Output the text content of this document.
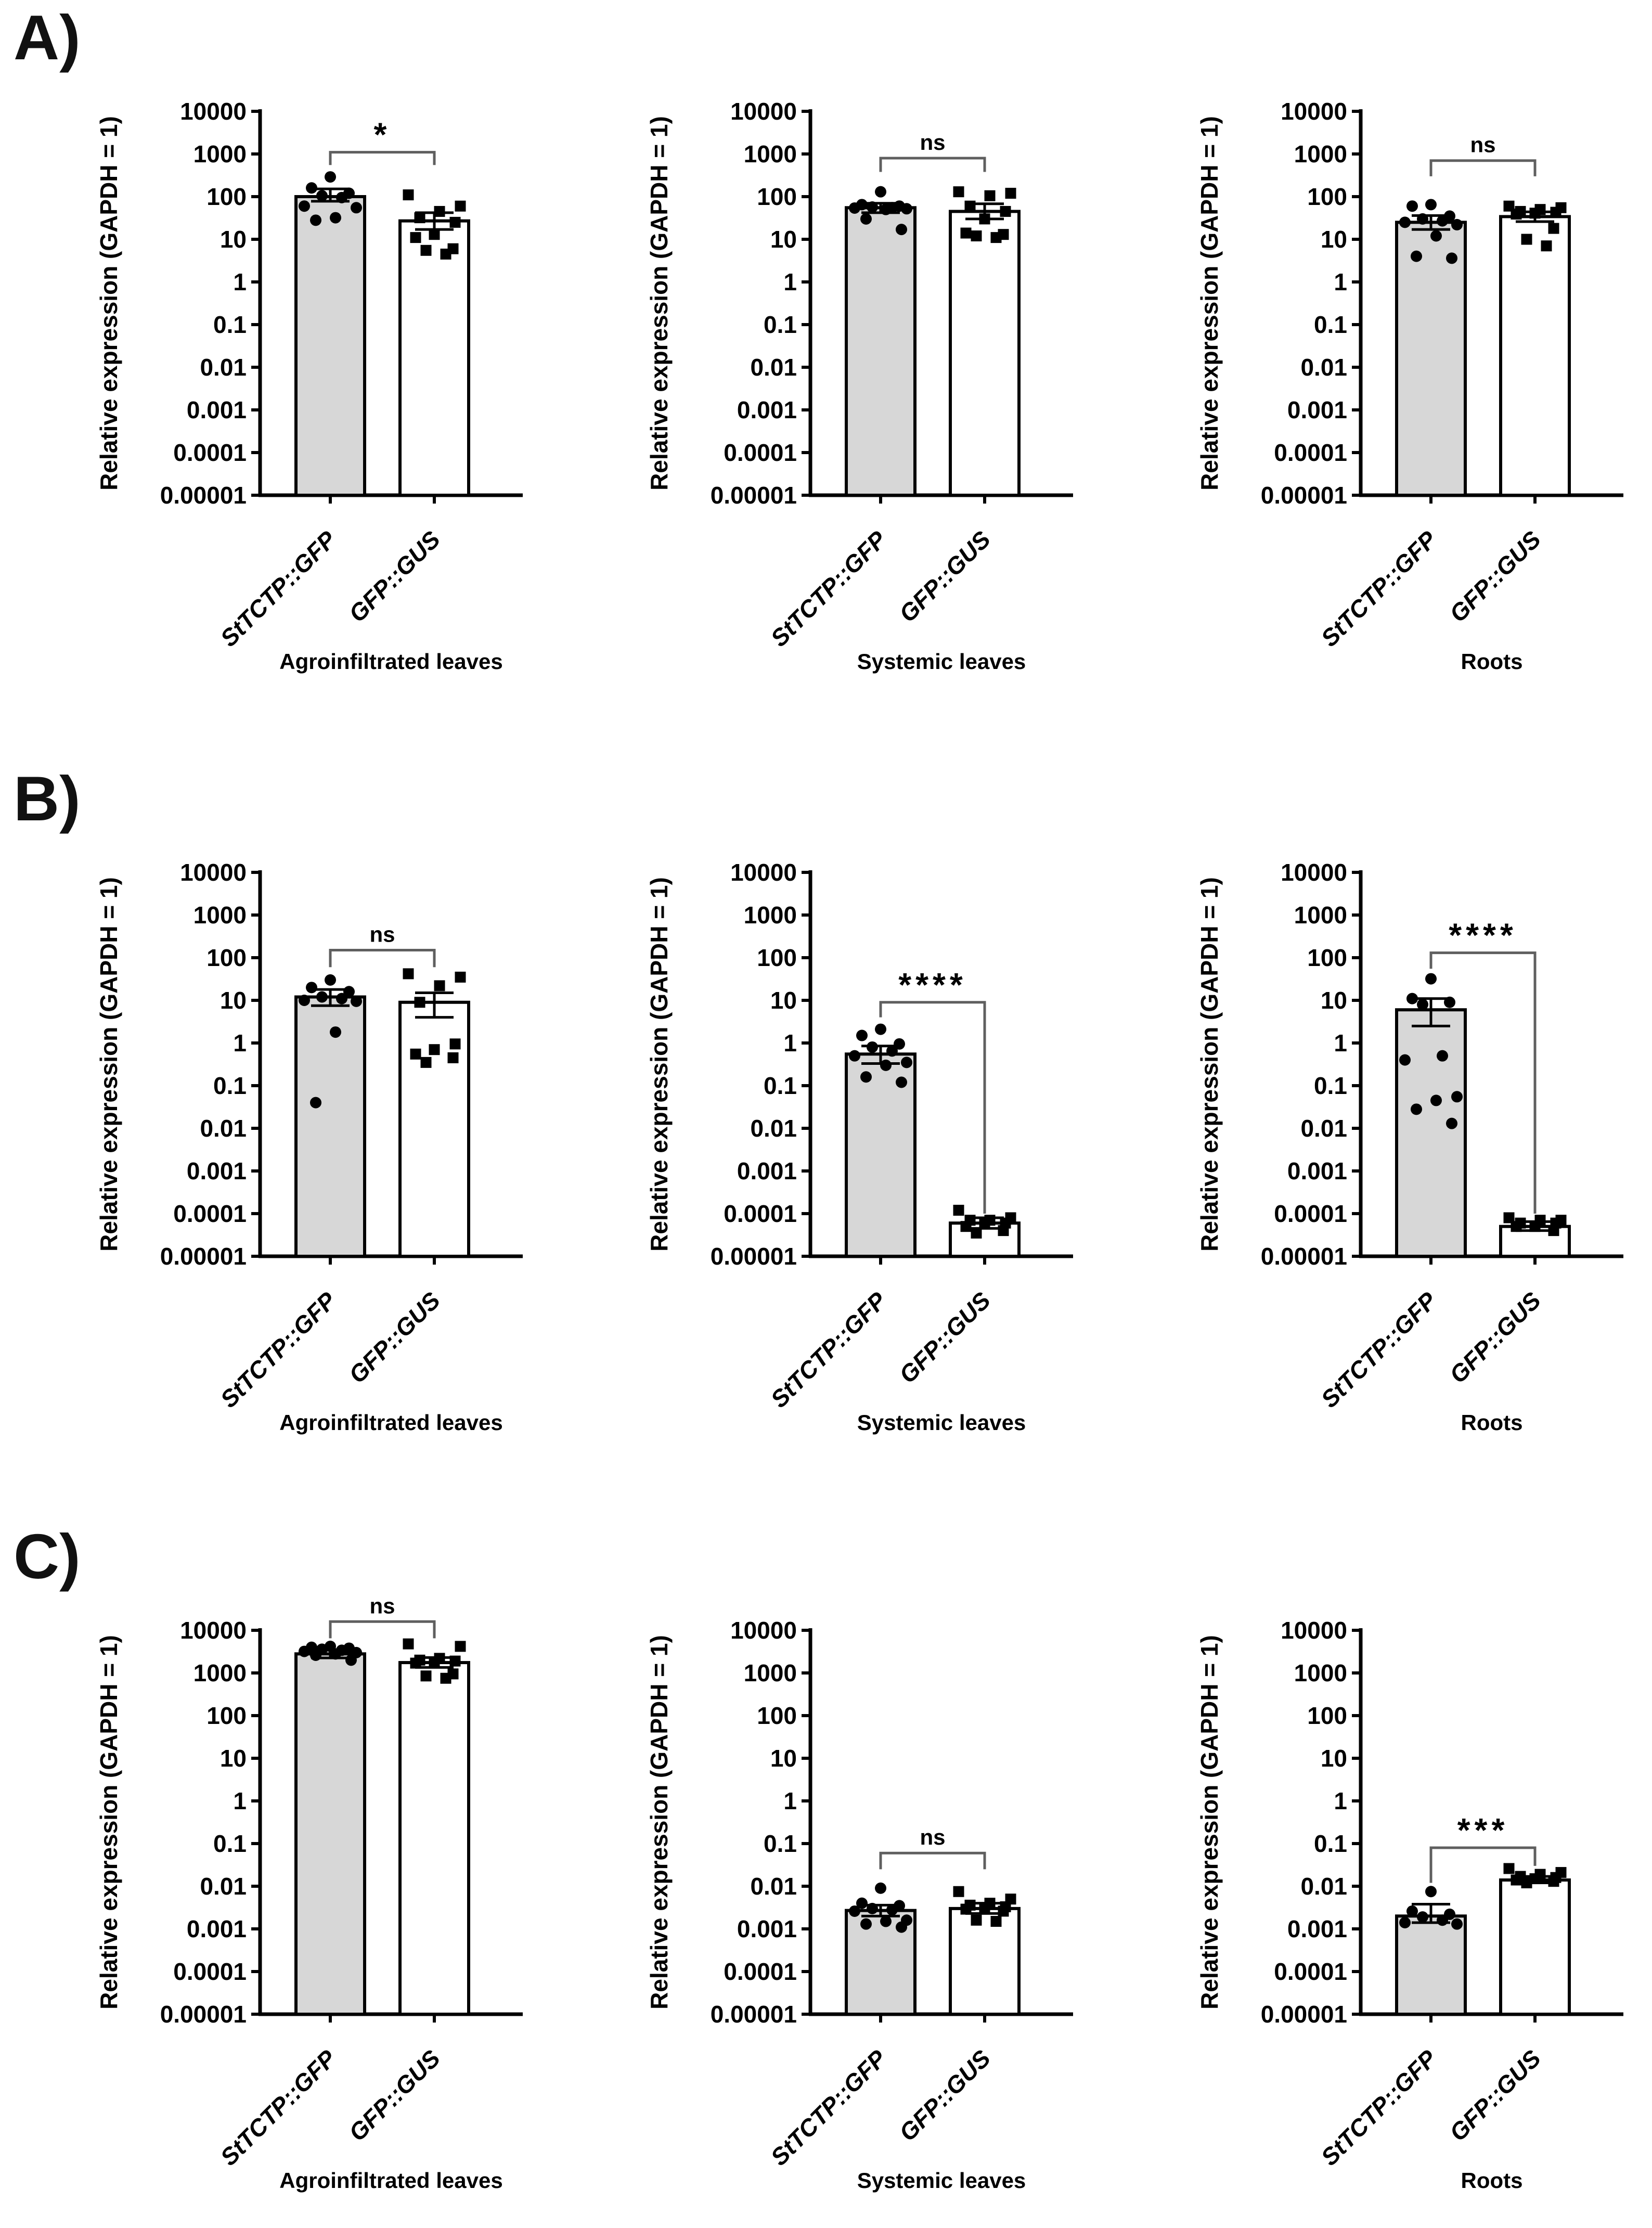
A)
10000
1000
100
10
1
0.1
0.01
0.001
0.0001
0.00001
Relative expression (GAPDH = 1)
StTCTP::GFP GFP::GUS
*
Agroinfiltrated leaves
10000
1000
100
10
1
0.1
0.01
0.001
0.0001
0.00001
Relative expression (GAPDH = 1)
StTCTP::GFP GFP::GUS
ns
Systemic leaves
10000
1000
100
10
1
0.1
0.01
0.001
0.0001
0.00001
Relative expression (GAPDH = 1)
StTCTP::GFP GFP::GUS
ns
Roots
B)
10000
1000
100
10
1
0.1
0.01
0.001
0.0001
0.00001
Relative expression (GAPDH = 1)
StTCTP::GFP GFP::GUS
ns
Agroinfiltrated leaves
10000
1000
100
10
1
0.1
0.01
0.001
0.0001
0.00001
Relative expression (GAPDH = 1)
StTCTP::GFP GFP::GUS
****
Systemic leaves
10000
1000
100
10
1
0.1
0.01
0.001
0.0001
0.00001
Relative expression (GAPDH = 1)
StTCTP::GFP GFP::GUS
****
Roots
C)
10000
1000
100
10
1
0.1
0.01
0.001
0.0001
0.00001
Relative expression (GAPDH = 1)
StTCTP::GFP GFP::GUS
ns
Agroinfiltrated leaves
10000
1000
100
10
1
0.1
0.01
0.001
0.0001
0.00001
Relative expression (GAPDH = 1)
StTCTP::GFP GFP::GUS
ns
Systemic leaves
10000
1000
100
10
1
0.1
0.01
0.001
0.0001
0.00001
Relative expression (GAPDH = 1)
StTCTP::GFP GFP::GUS
***
Roots
